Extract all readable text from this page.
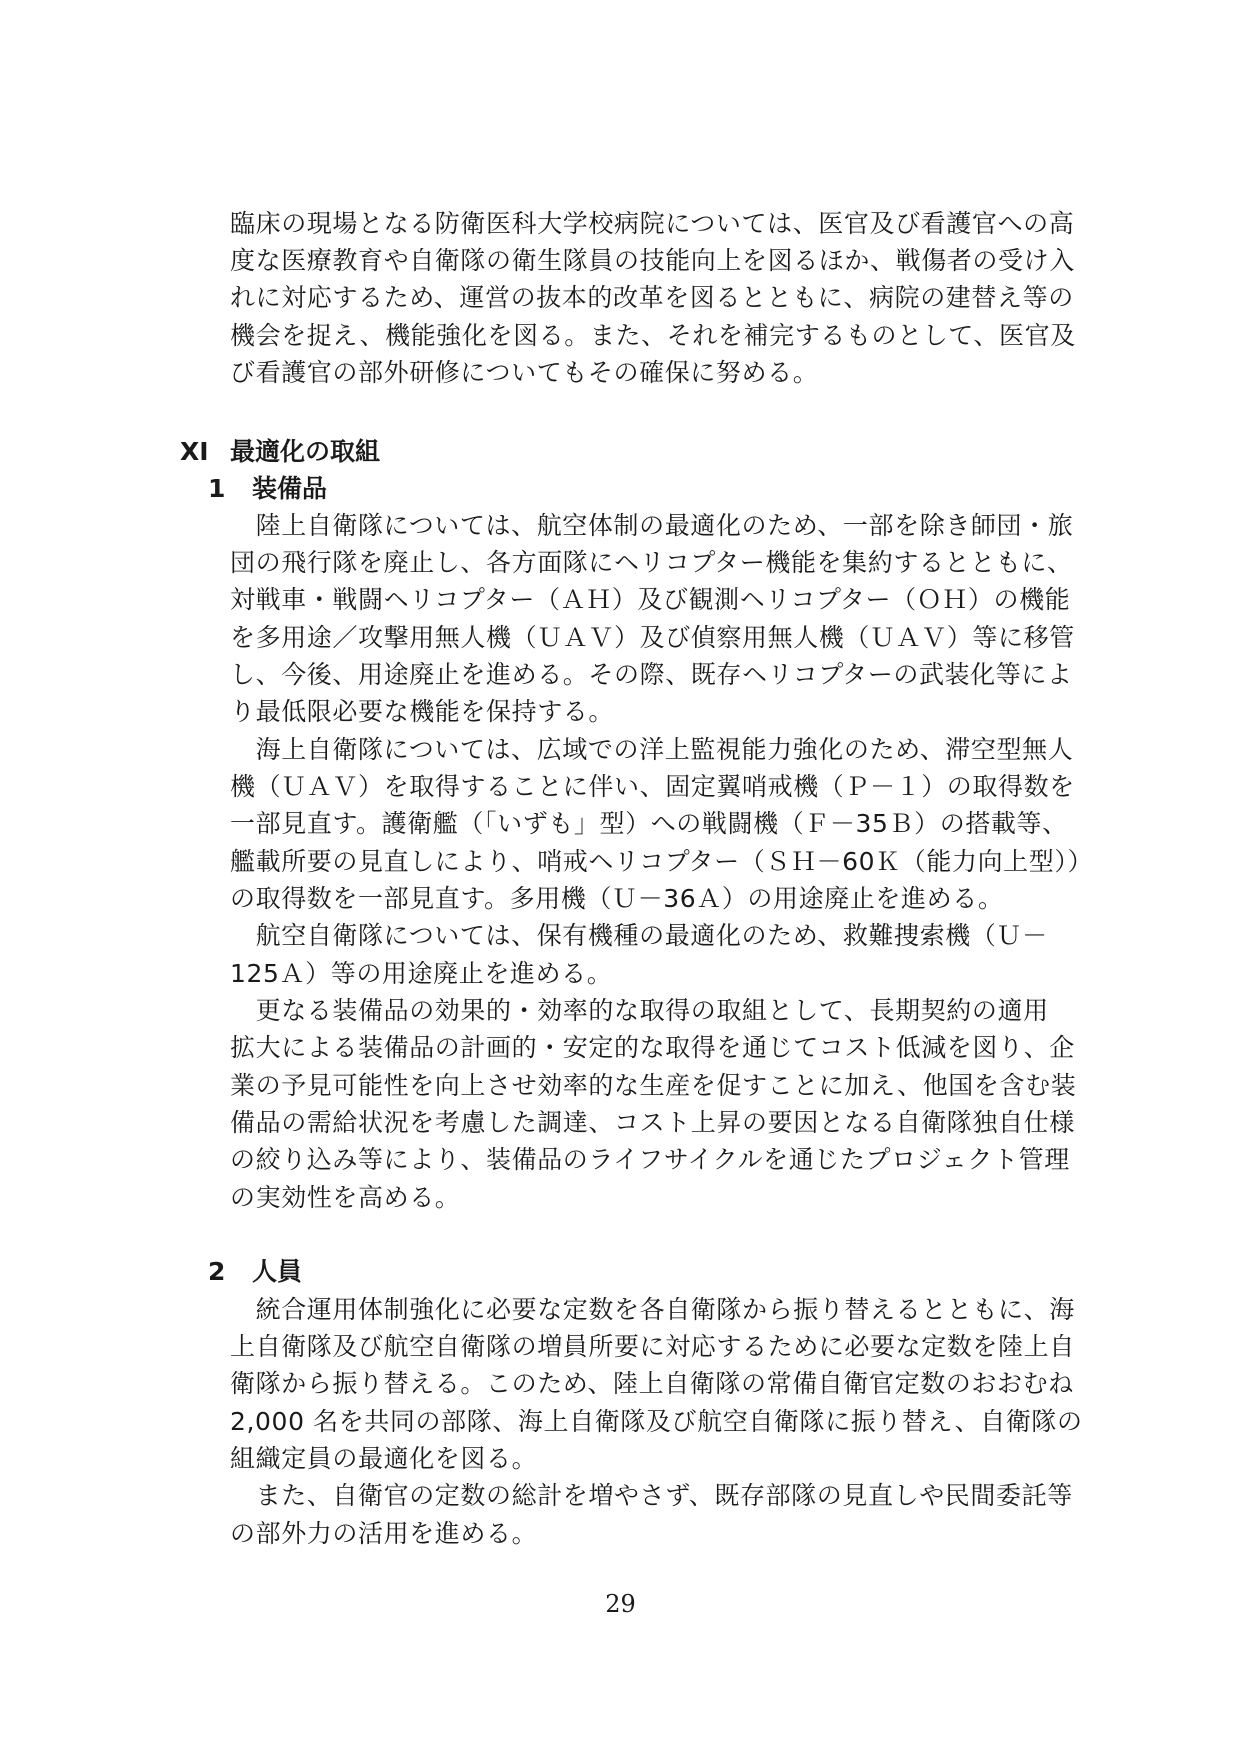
臨床の現場となる防衛医科大学校病院については、医官及び看護官への高

度な医療教育や自衛隊の衛生隊員の技能向上を図るほか、戦傷者の受け入

れに対応するため、運営の抜本的改革を図るとともに、病院の建替え等の

機会を捉え、機能強化を図る。また、それを補完するものとして、医官及

び看護官の部外研修についてもその確保に努める。

XI 最適化の取組
1 装備品

　陸上自衛隊については、航空体制の最適化のため、一部を除き師団・旅

団の飛行隊を廃止し、各方面隊にヘリコプター機能を集約するとともに、

対戦車・戦闘ヘリコプター（ＡＨ）及び観測ヘリコプター（ＯＨ）の機能

を多用途／攻撃用無人機（ＵＡＶ）及び偵察用無人機（ＵＡＶ）等に移管

し、今後、用途廃止を進める。その際、既存ヘリコプターの武装化等によ

り最低限必要な機能を保持する。

　海上自衛隊については、広域での洋上監視能力強化のため、滞空型無人

機（ＵＡＶ）を取得することに伴い、固定翼哨戒機（Ｐ－１）の取得数を

一部見直す。護衛艦（「いずも」型）への戦闘機（Ｆ－35Ｂ）の搭載等、

艦載所要の見直しにより、哨戒ヘリコプター（ＳＨ－60Ｋ（能力向上型））

の取得数を一部見直す。多用機（Ｕ－36Ａ）の用途廃止を進める。

　航空自衛隊については、保有機種の最適化のため、救難捜索機（Ｕ－

125Ａ）等の用途廃止を進める。

　更なる装備品の効果的・効率的な取得の取組として、長期契約の適用

拡大による装備品の計画的・安定的な取得を通じてコスト低減を図り、企

業の予見可能性を向上させ効率的な生産を促すことに加え、他国を含む装

備品の需給状況を考慮した調達、コスト上昇の要因となる自衛隊独自仕様

の絞り込み等により、装備品のライフサイクルを通じたプロジェクト管理

の実効性を高める。

2 人員

　統合運用体制強化に必要な定数を各自衛隊から振り替えるとともに、海

上自衛隊及び航空自衛隊の増員所要に対応するために必要な定数を陸上自

衛隊から振り替える。このため、陸上自衛隊の常備自衛官定数のおおむね

2,000 名を共同の部隊、海上自衛隊及び航空自衛隊に振り替え、自衛隊の

組織定員の最適化を図る。

　また、自衛官の定数の総計を増やさず、既存部隊の見直しや民間委託等

の部外力の活用を進める。

29
